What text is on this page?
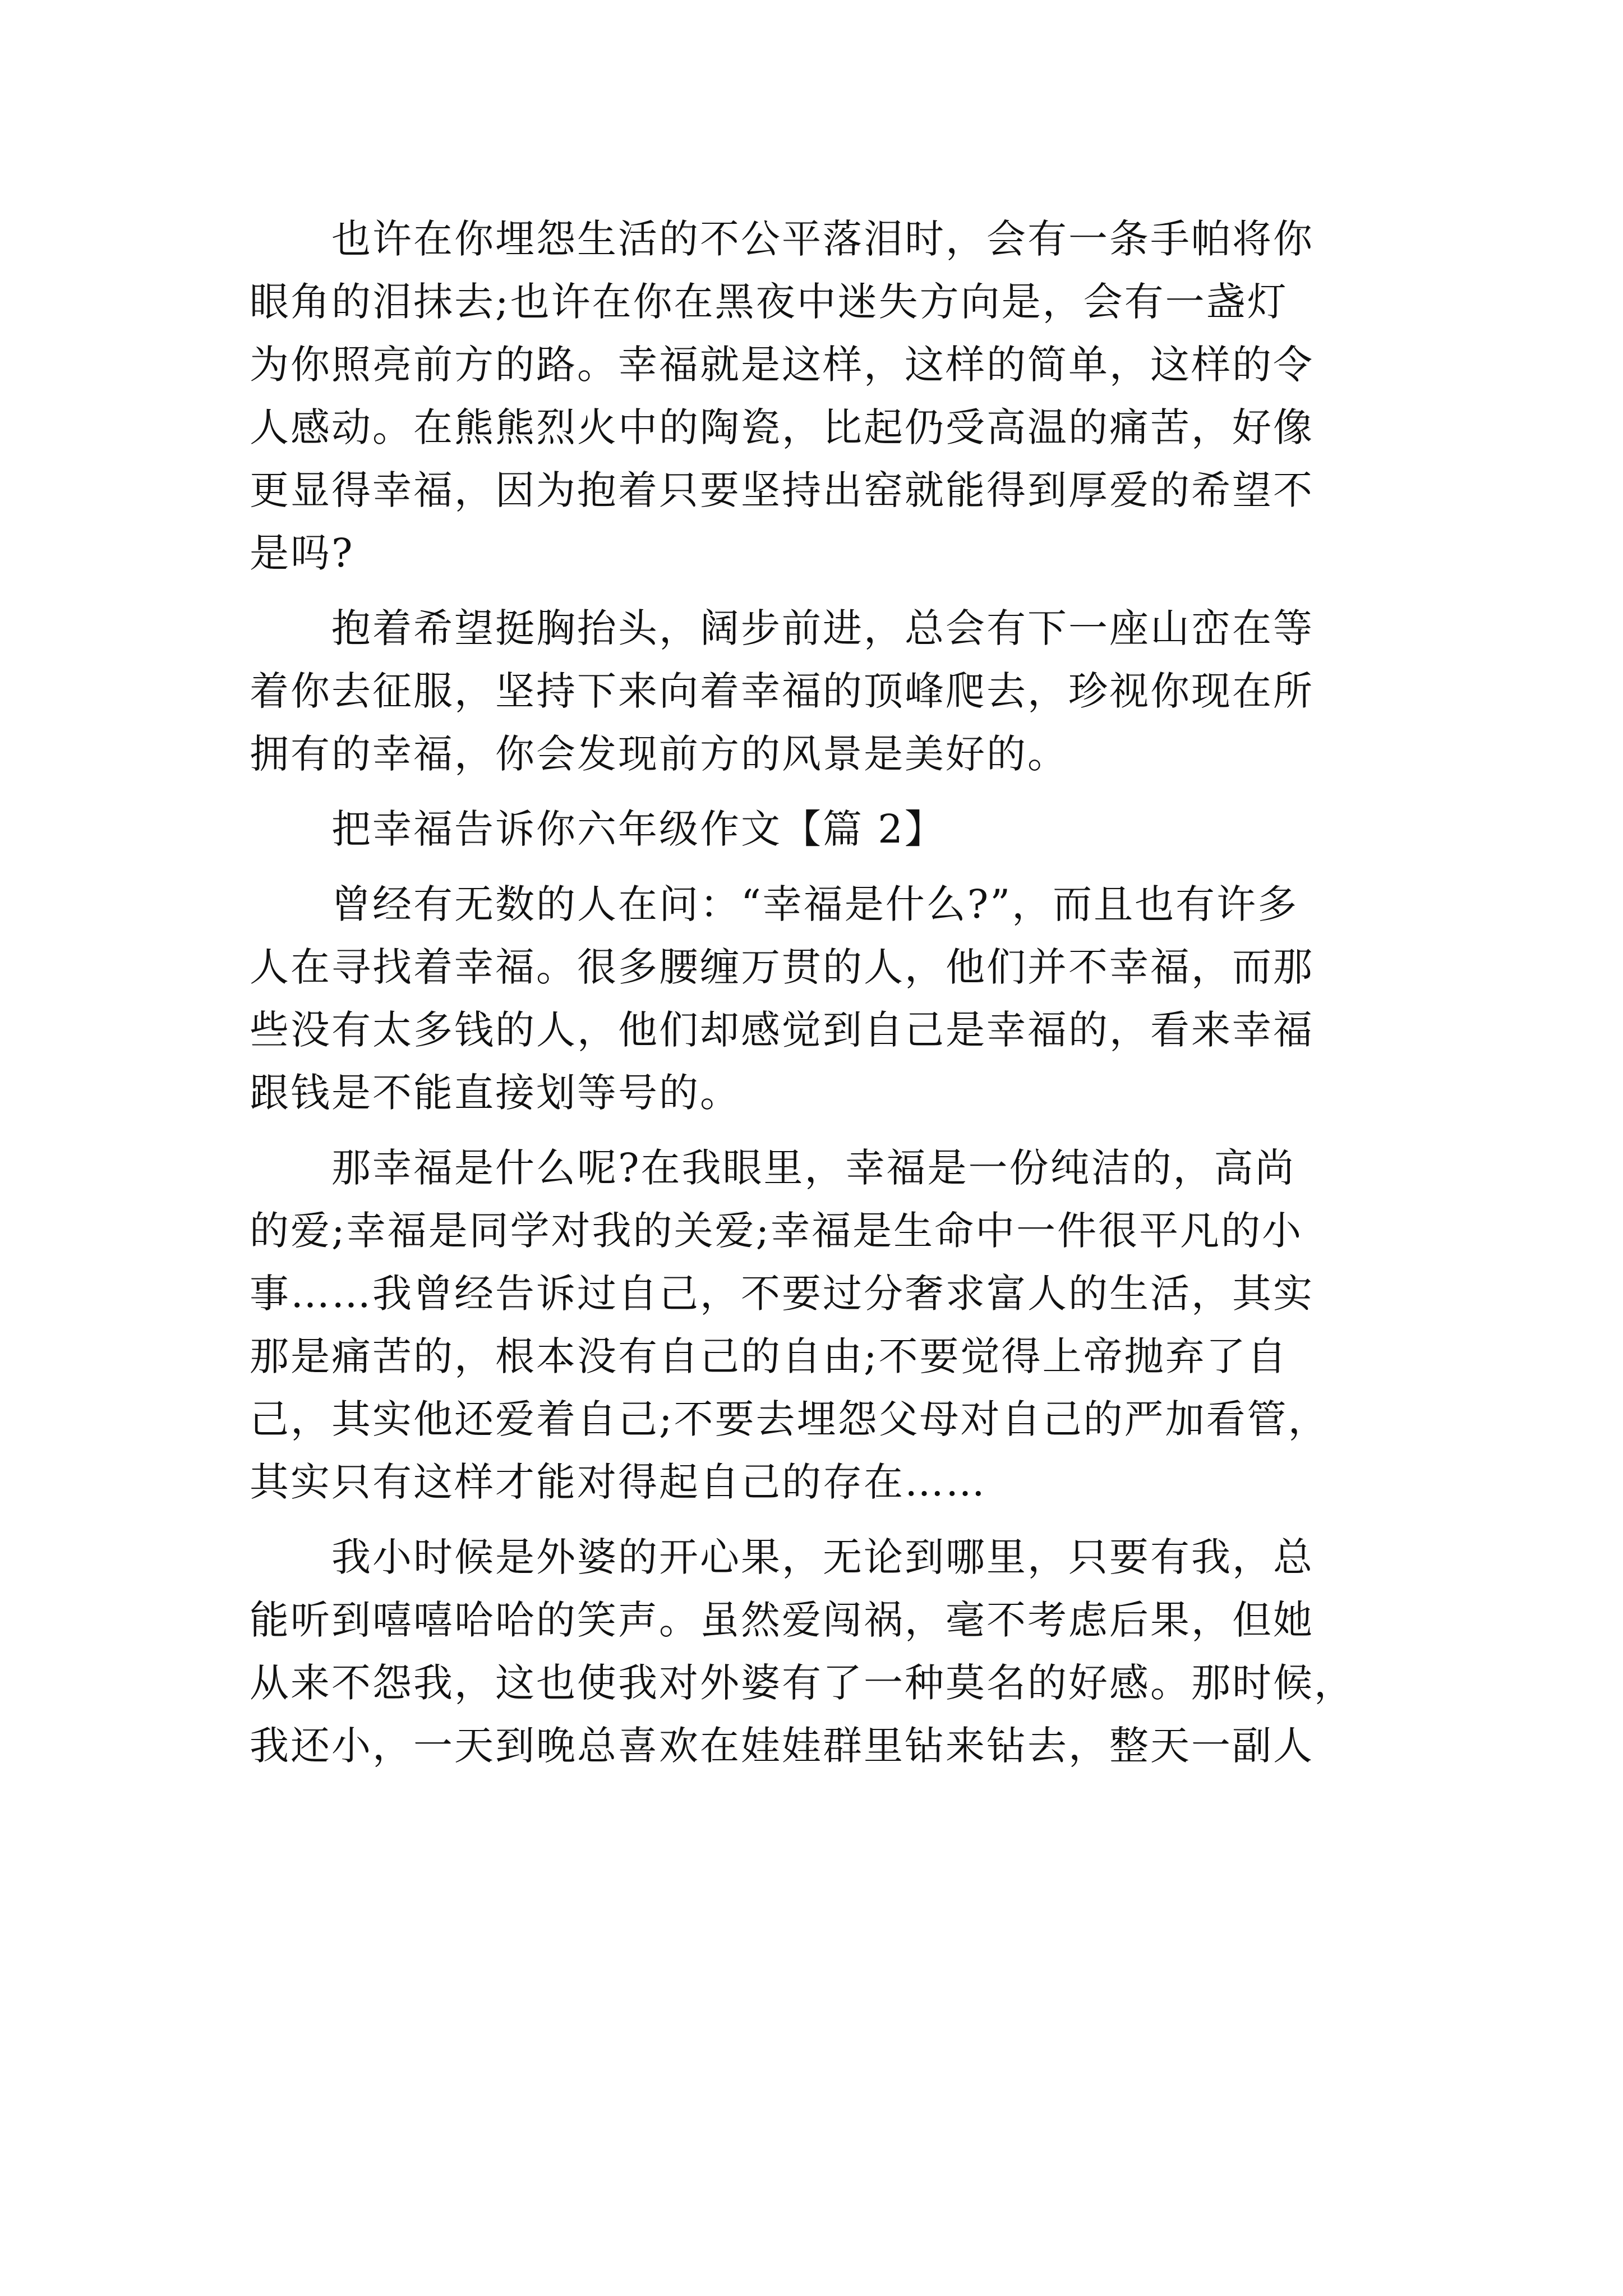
　　也许在你埋怨生活的不公平落泪时，会有一条手帕将你
眼角的泪抹去;也许在你在黑夜中迷失方向是，会有一盏灯
为你照亮前方的路。幸福就是这样，这样的简单，这样的令
人感动。在熊熊烈火中的陶瓷，比起仍受高温的痛苦，好像
更显得幸福，因为抱着只要坚持出窑就能得到厚爱的希望不
是吗?
　　抱着希望挺胸抬头，阔步前进，总会有下一座山峦在等
着你去征服，坚持下来向着幸福的顶峰爬去，珍视你现在所
拥有的幸福，你会发现前方的风景是美好的。
　　把幸福告诉你六年级作文【篇 2】
　　曾经有无数的人在问：“幸福是什么?”，而且也有许多
人在寻找着幸福。很多腰缠万贯的人，他们并不幸福，而那
些没有太多钱的人，他们却感觉到自己是幸福的，看来幸福
跟钱是不能直接划等号的。
　　那幸福是什么呢?在我眼里，幸福是一份纯洁的，高尚
的爱;幸福是同学对我的关爱;幸福是生命中一件很平凡的小
事……我曾经告诉过自己，不要过分奢求富人的生活，其实
那是痛苦的，根本没有自己的自由;不要觉得上帝抛弃了自
己，其实他还爱着自己;不要去埋怨父母对自己的严加看管，
其实只有这样才能对得起自己的存在……
　　我小时候是外婆的开心果，无论到哪里，只要有我，总
能听到嘻嘻哈哈的笑声。虽然爱闯祸，毫不考虑后果，但她
从来不怨我，这也使我对外婆有了一种莫名的好感。那时候，
我还小，一天到晚总喜欢在娃娃群里钻来钻去，整天一副人
